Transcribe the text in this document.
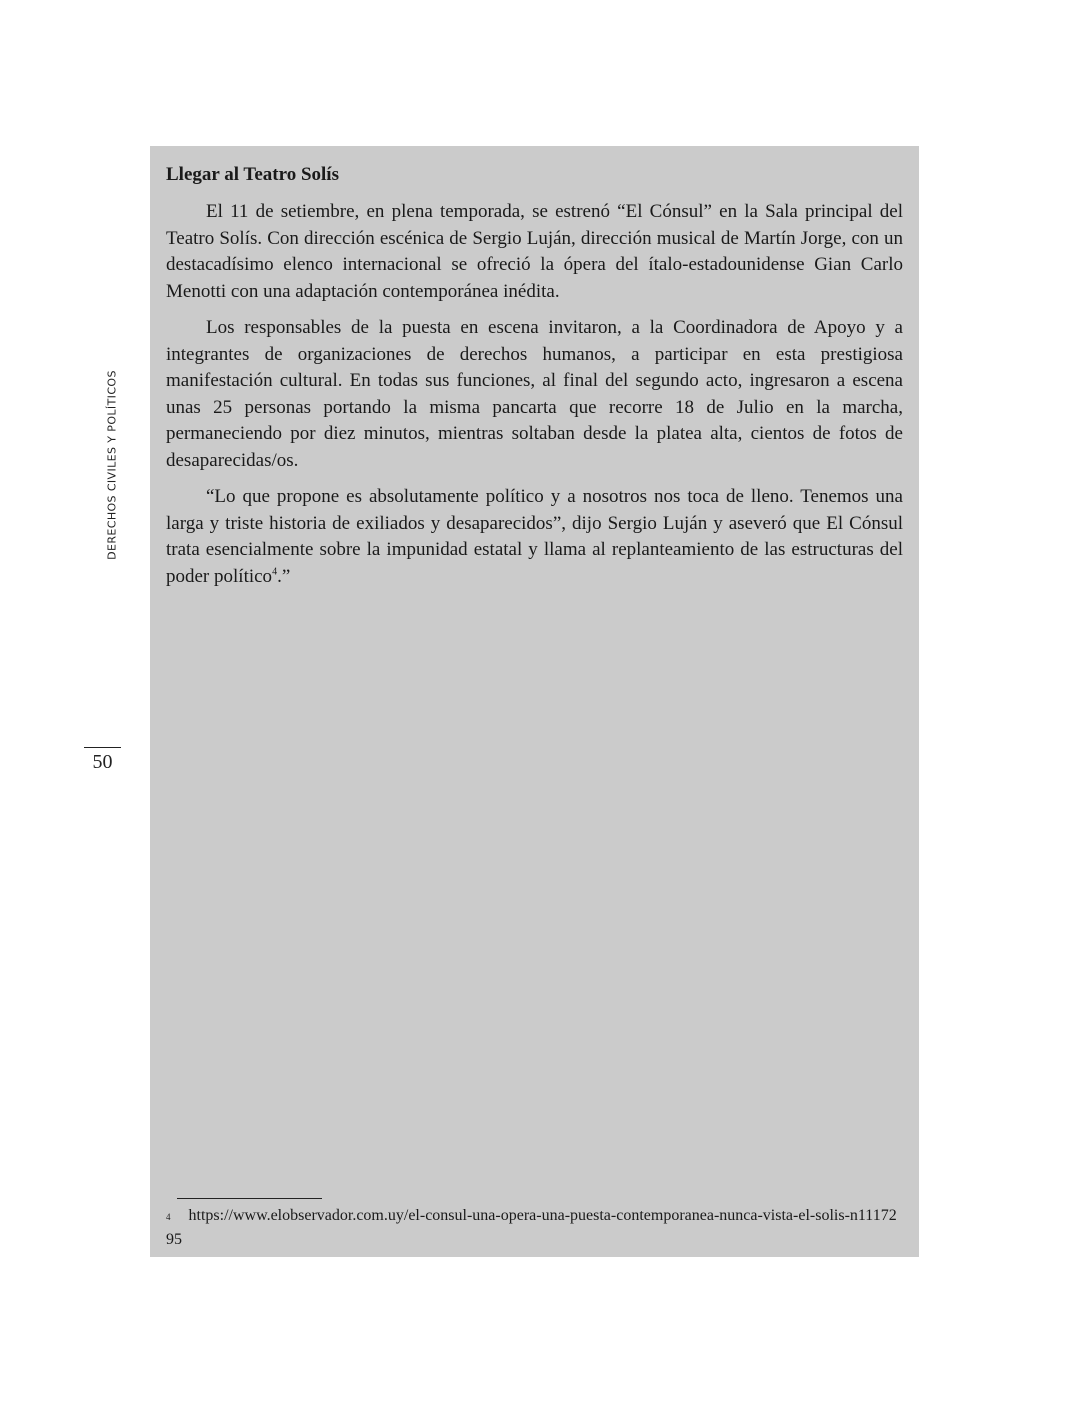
DERECHOS CIVILES Y POLÍTICOS
50
Llegar al Teatro Solís

El 11 de setiembre, en plena temporada, se estrenó “El Cónsul” en la Sala principal del Teatro Solís. Con dirección escénica de Sergio Luján, dirección musical de Martín Jorge, con un destacadísimo elenco internacional se ofreció la ópera del ítalo-estadounidense Gian Carlo Menotti con una adaptación contemporánea inédita.

Los responsables de la puesta en escena invitaron, a la Coordinadora de Apoyo y a integrantes de organizaciones de derechos humanos, a participar en esta prestigiosa manifestación cultural. En todas sus funciones, al final del segundo acto, ingresaron a escena unas 25 personas portando la misma pancarta que recorre 18 de Julio en la marcha, permaneciendo por diez minutos, mientras soltaban desde la platea alta, cientos de fotos de desaparecidas/os.

“Lo que propone es absolutamente político y a nosotros nos toca de lleno. Tenemos una larga y triste historia de exiliados y desaparecidos”, dijo Sergio Luján y aseveró que El Cónsul trata esencialmente sobre la impunidad estatal y llama al replanteamiento de las estructuras del poder político$^4$.”

$^4$ https://www.elobservador.com.uy/el-consul-una-opera-una-puesta-contemporanea-nunca-vista-el-solis-n1117295
